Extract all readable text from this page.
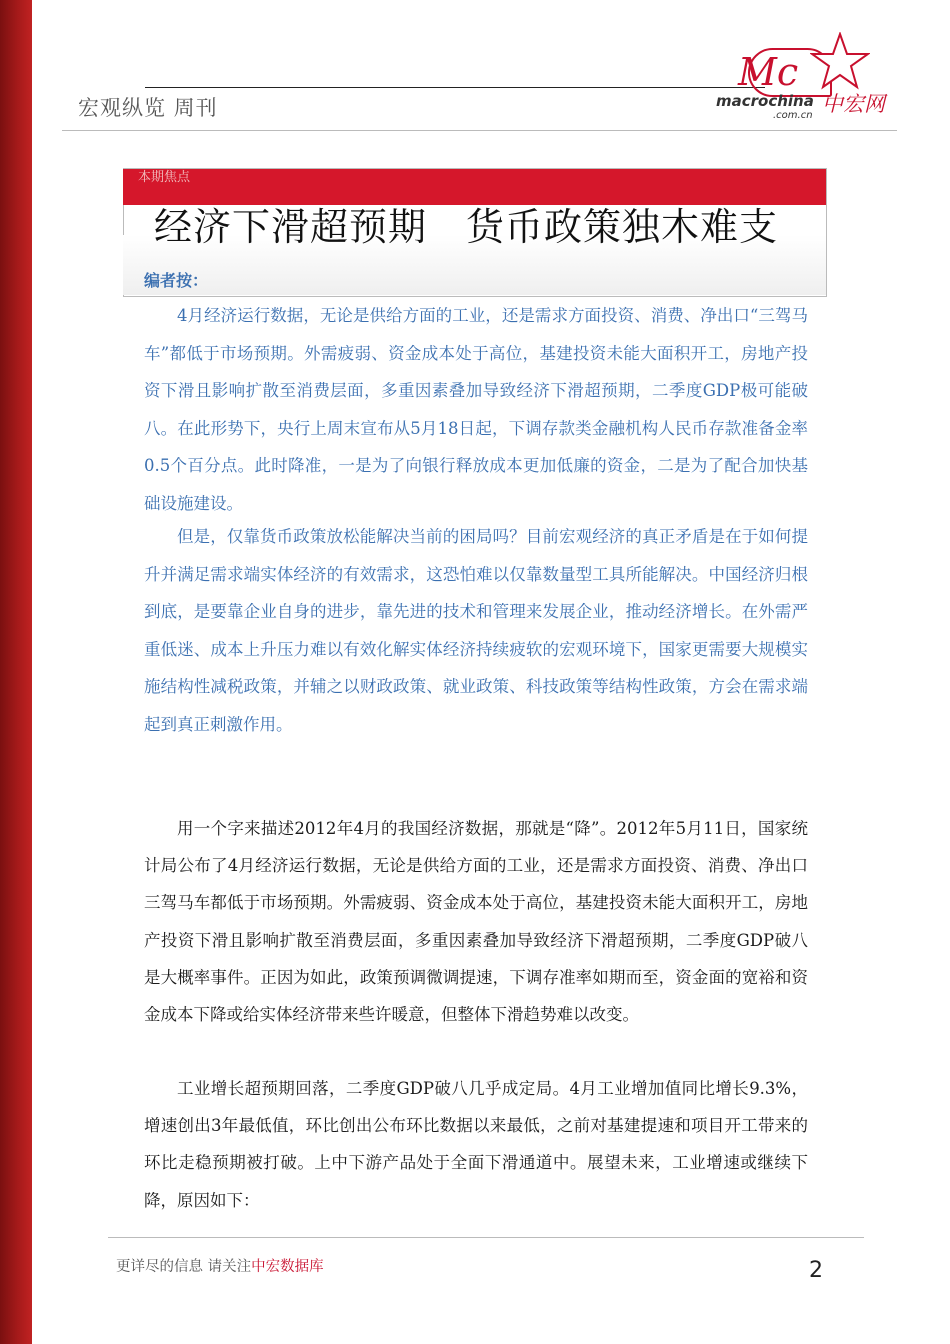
宏观纵览 周刊
Mc
macrochina 中宏网
.com.cn
本期焦点
经济下滑超预期　货币政策独木难支
编者按：

4月经济运行数据，无论是供给方面的工业，还是需求方面投资、消费、净出口“三驾马车”都低于市场预期。外需疲弱、资金成本处于高位，基建投资未能大面积开工，房地产投资下滑且影响扩散至消费层面，多重因素叠加导致经济下滑超预期，二季度GDP极可能破八。在此形势下，央行上周末宣布从5月18日起，下调存款类金融机构人民币存款准备金率0.5个百分点。此时降准，一是为了向银行释放成本更加低廉的资金，二是为了配合加快基础设施建设。

但是，仅靠货币政策放松能解决当前的困局吗？目前宏观经济的真正矛盾是在于如何提升并满足需求端实体经济的有效需求，这恐怕难以仅靠数量型工具所能解决。中国经济归根到底，是要靠企业自身的进步，靠先进的技术和管理来发展企业，推动经济增长。在外需严重低迷、成本上升压力难以有效化解实体经济持续疲软的宏观环境下，国家更需要大规模实施结构性减税政策，并辅之以财政政策、就业政策、科技政策等结构性政策，方会在需求端起到真正刺激作用。

用一个字来描述2012年4月的我国经济数据，那就是“降”。2012年5月11日，国家统计局公布了4月经济运行数据，无论是供给方面的工业，还是需求方面投资、消费、净出口三驾马车都低于市场预期。外需疲弱、资金成本处于高位，基建投资未能大面积开工，房地产投资下滑且影响扩散至消费层面，多重因素叠加导致经济下滑超预期，二季度GDP破八是大概率事件。正因为如此，政策预调微调提速，下调存准率如期而至，资金面的宽裕和资金成本下降或给实体经济带来些许暖意，但整体下滑趋势难以改变。

工业增长超预期回落，二季度GDP破八几乎成定局。4月工业增加值同比增长9.3%，增速创出3年最低值，环比创出公布环比数据以来最低，之前对基建提速和项目开工带来的环比走稳预期被打破。上中下游产品处于全面下滑通道中。展望未来，工业增速或继续下降，原因如下：

更详尽的信息 请关注中宏数据库	2
